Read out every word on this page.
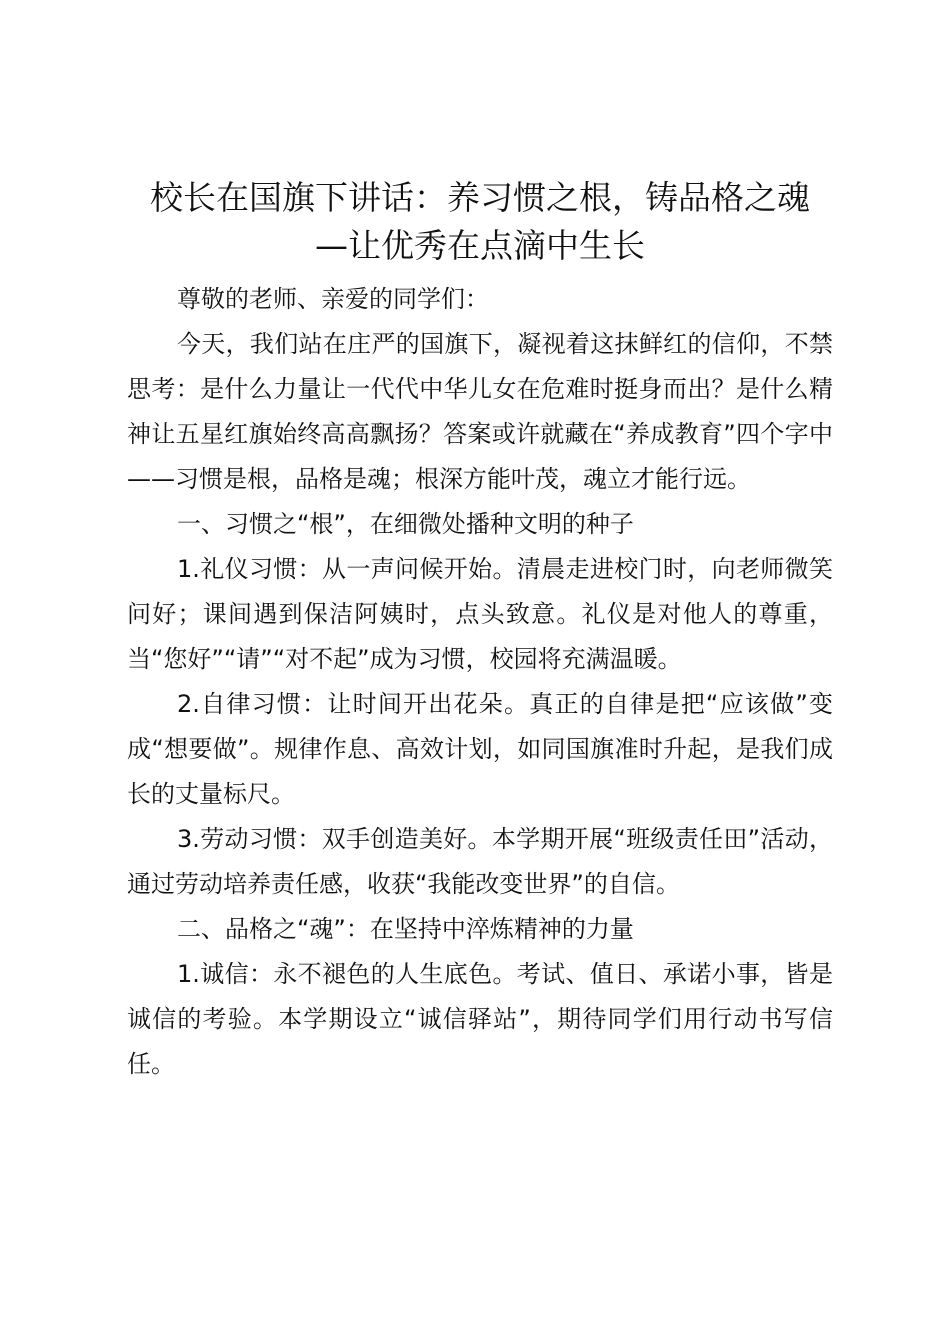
校长在国旗下讲话：养习惯之根，铸品格之魂
—让优秀在点滴中生长

尊敬的老师、亲爱的同学们：

今天，我们站在庄严的国旗下，凝视着这抹鲜红的信仰，不禁思考：是什么力量让一代代中华儿女在危难时挺身而出？是什么精神让五星红旗始终高高飘扬？答案或许就藏在“养成教育”四个字中——习惯是根，品格是魂；根深方能叶茂，魂立才能行远。

一、习惯之“根”，在细微处播种文明的种子

1.礼仪习惯：从一声问候开始。清晨走进校门时，向老师微笑问好；课间遇到保洁阿姨时，点头致意。礼仪是对他人的尊重，当“您好”“请”“对不起”成为习惯，校园将充满温暖。

2.自律习惯：让时间开出花朵。真正的自律是把“应该做”变成“想要做”。规律作息、高效计划，如同国旗准时升起，是我们成长的丈量标尺。

3.劳动习惯：双手创造美好。本学期开展“班级责任田”活动，通过劳动培养责任感，收获“我能改变世界”的自信。

二、品格之“魂”：在坚持中淬炼精神的力量

1.诚信：永不褪色的人生底色。考试、值日、承诺小事，皆是诚信的考验。本学期设立“诚信驿站”，期待同学们用行动书写信任。
